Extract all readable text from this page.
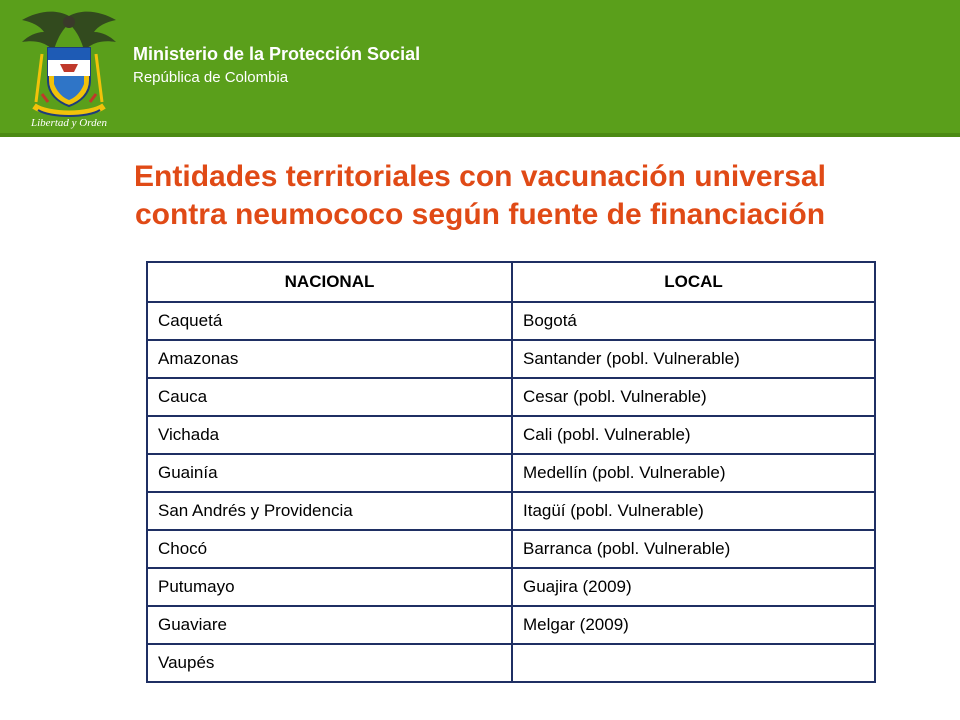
Libertad y Orden
Ministerio de la Protección Social
República de Colombia
Entidades territoriales con vacunación universal
contra neumococo según fuente de financiación
NACIONAL	LOCAL
Caquetá	Bogotá
Amazonas	Santander (pobl. Vulnerable)
Cauca	Cesar (pobl. Vulnerable)
Vichada	Cali (pobl. Vulnerable)
Guainía	Medellín (pobl. Vulnerable)
San Andrés y Providencia	Itagüí (pobl. Vulnerable)
Chocó	Barranca (pobl. Vulnerable)
Putumayo	Guajira (2009)
Guaviare	Melgar (2009)
Vaupés	
